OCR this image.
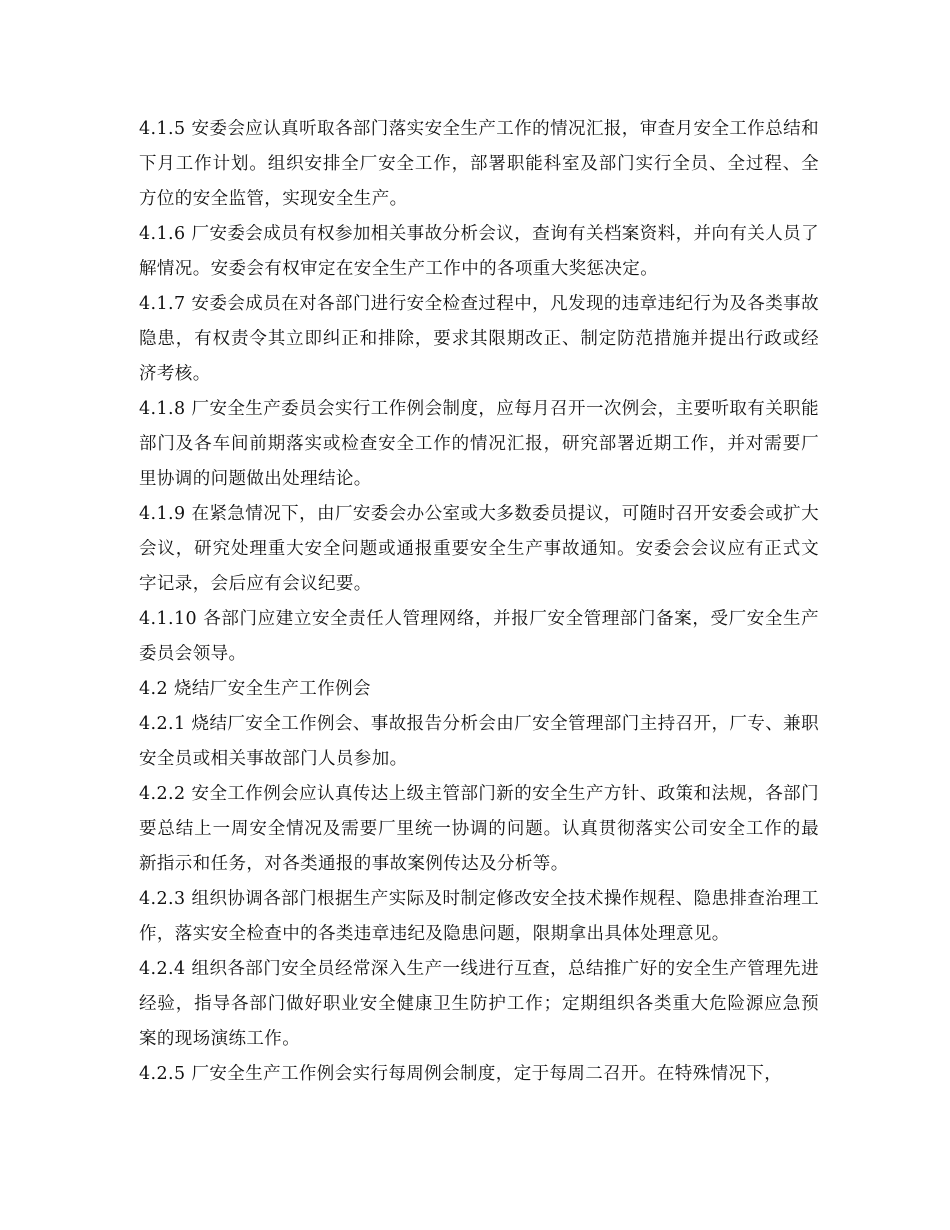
4.1.5 安委会应认真听取各部门落实安全生产工作的情况汇报，审查月安全工作总结和下月工作计划。组织安排全厂安全工作，部署职能科室及部门实行全员、全过程、全方位的安全监管，实现安全生产。

4.1.6 厂安委会成员有权参加相关事故分析会议，查询有关档案资料，并向有关人员了解情况。安委会有权审定在安全生产工作中的各项重大奖惩决定。

4.1.7 安委会成员在对各部门进行安全检查过程中，凡发现的违章违纪行为及各类事故隐患，有权责令其立即纠正和排除，要求其限期改正、制定防范措施并提出行政或经济考核。

4.1.8 厂安全生产委员会实行工作例会制度，应每月召开一次例会，主要听取有关职能部门及各车间前期落实或检查安全工作的情况汇报，研究部署近期工作，并对需要厂里协调的问题做出处理结论。

4.1.9 在紧急情况下，由厂安委会办公室或大多数委员提议，可随时召开安委会或扩大会议，研究处理重大安全问题或通报重要安全生产事故通知。安委会会议应有正式文字记录，会后应有会议纪要。

4.1.10 各部门应建立安全责任人管理网络，并报厂安全管理部门备案，受厂安全生产委员会领导。

4.2 烧结厂安全生产工作例会

4.2.1 烧结厂安全工作例会、事故报告分析会由厂安全管理部门主持召开，厂专、兼职安全员或相关事故部门人员参加。

4.2.2 安全工作例会应认真传达上级主管部门新的安全生产方针、政策和法规，各部门要总结上一周安全情况及需要厂里统一协调的问题。认真贯彻落实公司安全工作的最新指示和任务，对各类通报的事故案例传达及分析等。

4.2.3 组织协调各部门根据生产实际及时制定修改安全技术操作规程、隐患排查治理工作，落实安全检查中的各类违章违纪及隐患问题，限期拿出具体处理意见。

4.2.4 组织各部门安全员经常深入生产一线进行互查，总结推广好的安全生产管理先进经验，指导各部门做好职业安全健康卫生防护工作；定期组织各类重大危险源应急预案的现场演练工作。

4.2.5 厂安全生产工作例会实行每周例会制度，定于每周二召开。在特殊情况下，
